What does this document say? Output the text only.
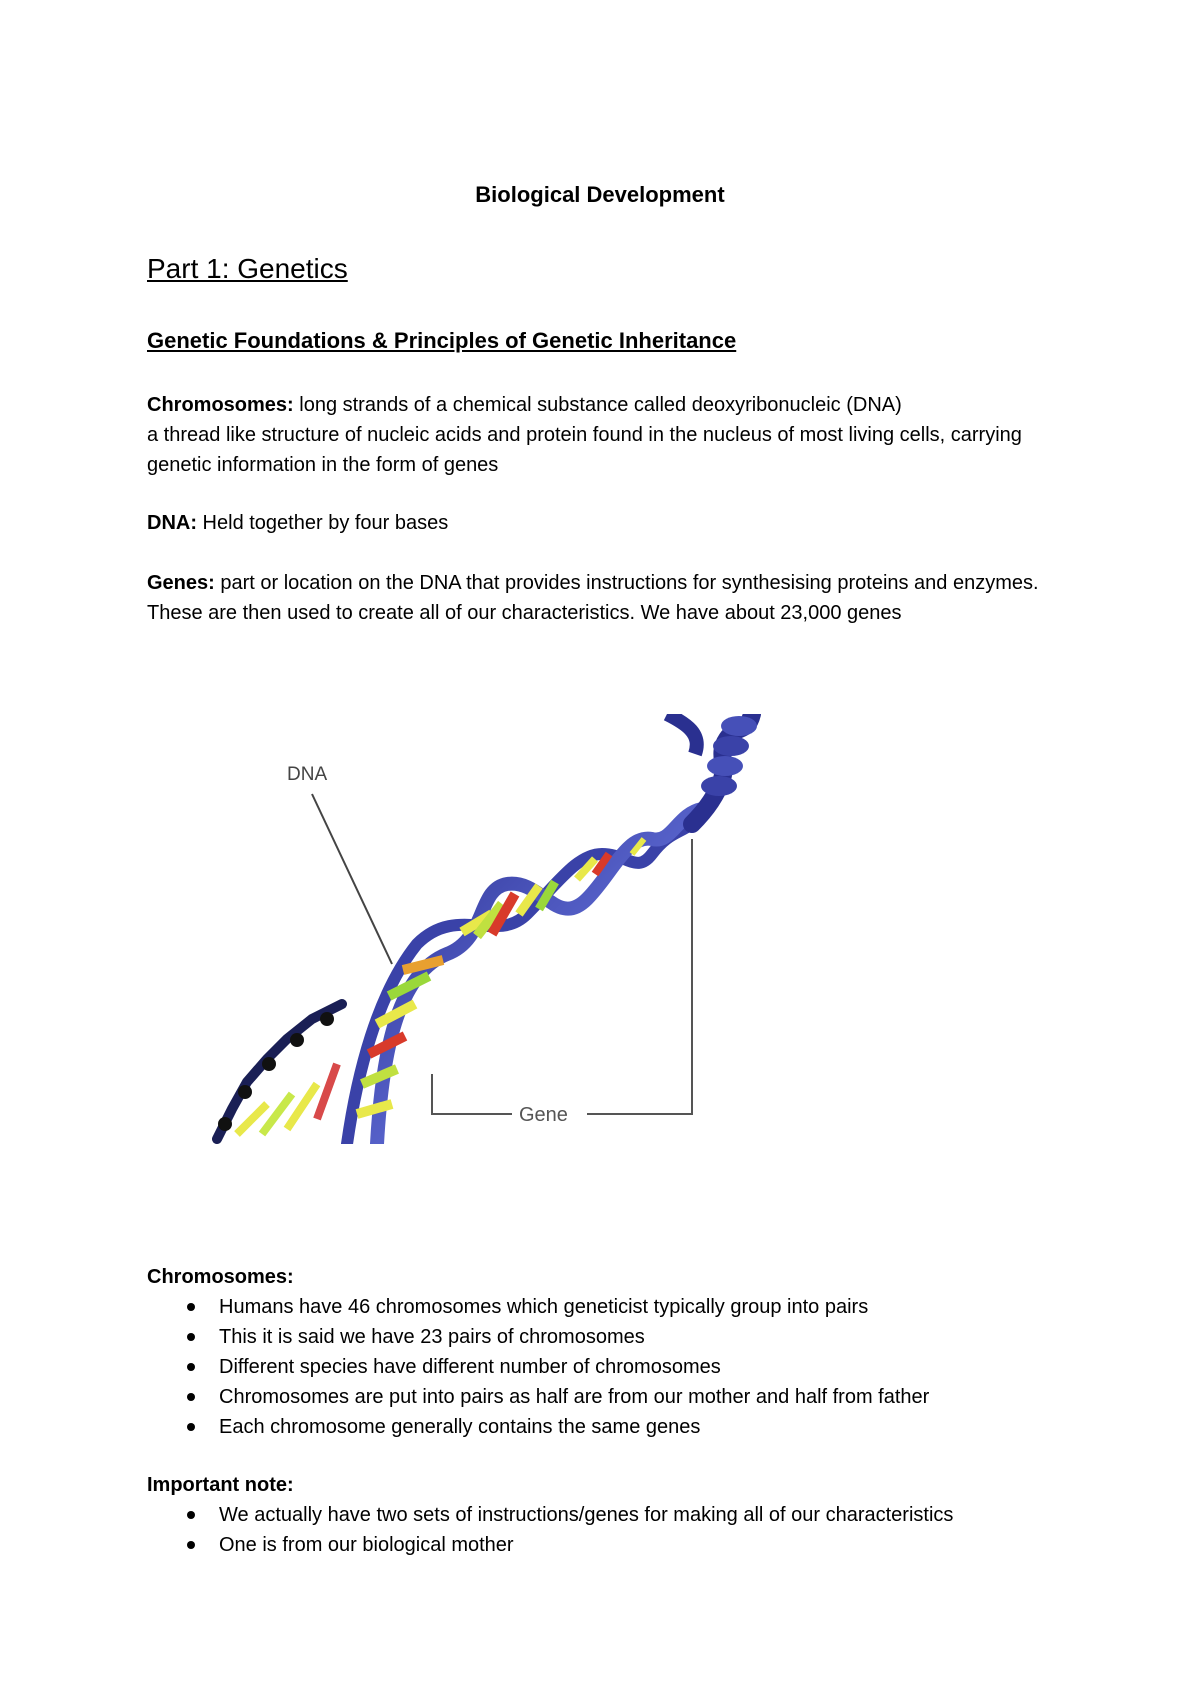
Biological Development
Part 1: Genetics
Genetic Foundations & Principles of Genetic Inheritance
Chromosomes: long strands of a chemical substance called deoxyribonucleic (DNA)
a thread like structure of nucleic acids and protein found in the nucleus of most living cells, carrying genetic information in the form of genes
DNA: Held together by four bases
Genes: part or location on the DNA that provides instructions for synthesising proteins and enzymes. These are then used to create all of our characteristics. We have about 23,000 genes
DNA
Gene
Chromosomes:
Humans have 46 chromosomes which geneticist typically group into pairs
This it is said we have 23 pairs of chromosomes
Different species have different number of chromosomes
Chromosomes are put into pairs as half are from our mother and half from father
Each chromosome generally contains the same genes
Important note:
We actually have two sets of instructions/genes for making all of our characteristics
One is from our biological mother
